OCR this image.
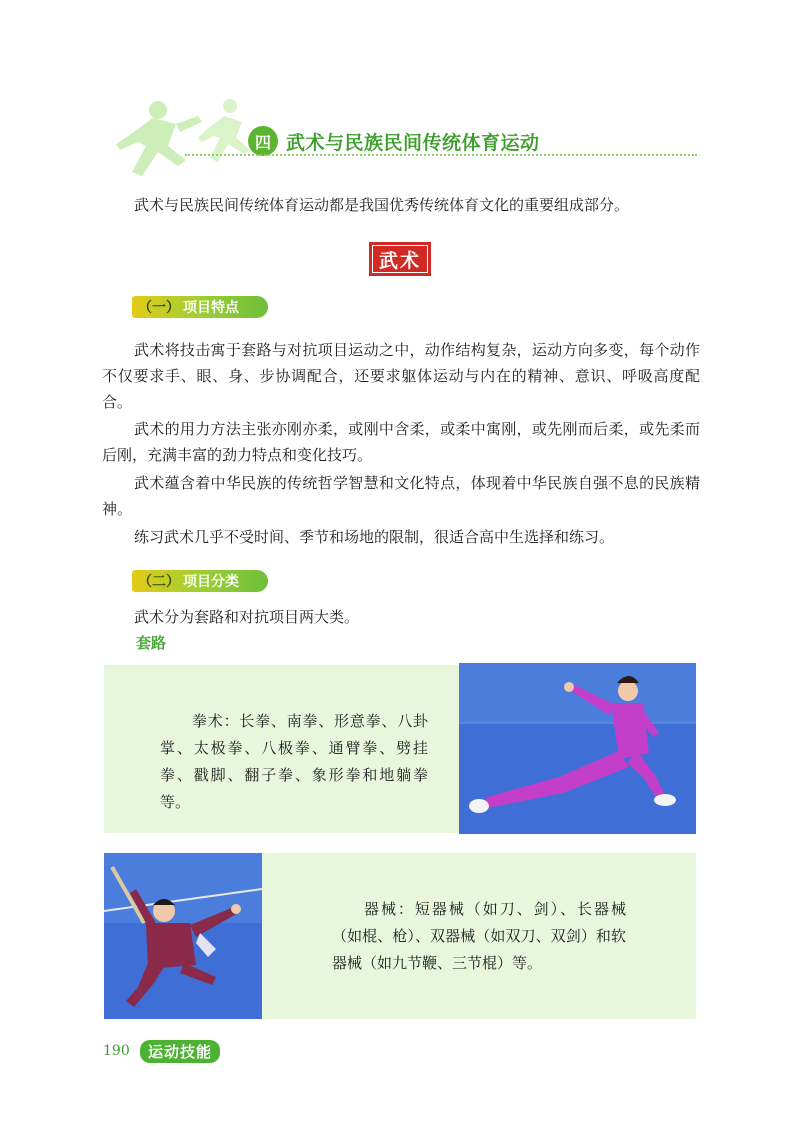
四 武术与民族民间传统体育运动

武术与民族民间传统体育运动都是我国优秀传统体育文化的重要组成部分。

武术
（一） 项目特点

武术将技击寓于套路与对抗项目运动之中，动作结构复杂，运动方向多变，每个动作不仅要求手、眼、身、步协调配合，还要求躯体运动与内在的精神、意识、呼吸高度配合。

武术的用力方法主张亦刚亦柔，或刚中含柔，或柔中寓刚，或先刚而后柔，或先柔而后刚，充满丰富的劲力特点和变化技巧。

武术蕴含着中华民族的传统哲学智慧和文化特点，体现着中华民族自强不息的民族精神。

练习武术几乎不受时间、季节和场地的限制，很适合高中生选择和练习。

（二） 项目分类

武术分为套路和对抗项目两大类。

套路

拳术：长拳、南拳、形意拳、八卦掌、太极拳、八极拳、通臂拳、劈挂拳、戳脚、翻子拳、象形拳和地躺拳等。

器械：短器械（如刀、剑）、长器械（如棍、枪）、双器械（如双刀、双剑）和软器械（如九节鞭、三节棍）等。

190	运动技能
